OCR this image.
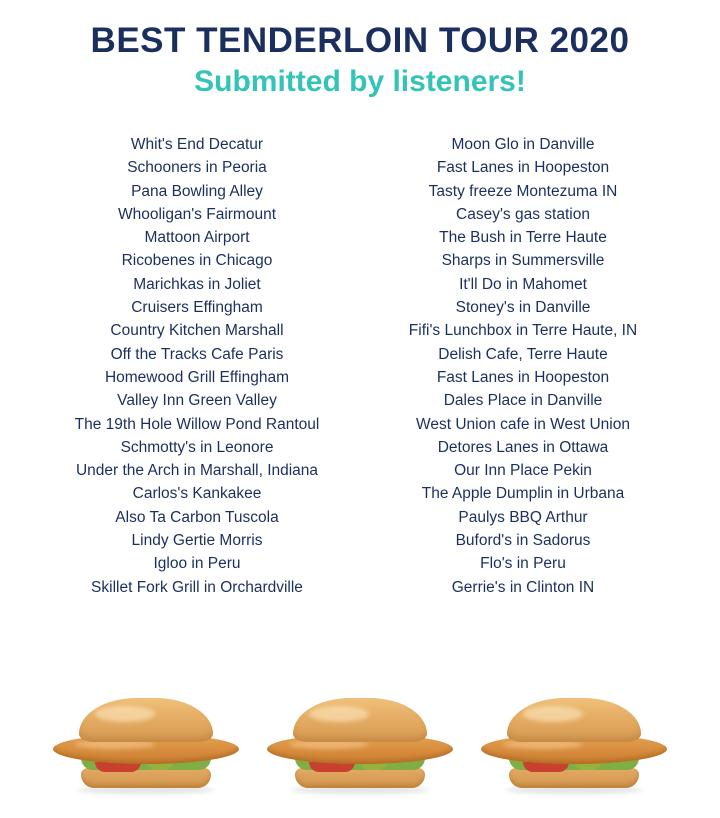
BEST TENDERLOIN TOUR 2020
Submitted by listeners!
Whit's End Decatur
Schooners in Peoria
Pana Bowling Alley
Whooligan's Fairmount
Mattoon Airport
Ricobenes in Chicago
Marichkas in Joliet
Cruisers Effingham
Country Kitchen Marshall
Off the Tracks Cafe Paris
Homewood Grill Effingham
Valley Inn Green Valley
The 19th Hole Willow Pond Rantoul
Schmotty's in Leonore
Under the Arch in Marshall, Indiana
Carlos's Kankakee
Also Ta Carbon Tuscola
Lindy Gertie Morris
Igloo in Peru
Skillet Fork Grill in Orchardville
Moon Glo in Danville
Fast Lanes in Hoopeston
Tasty freeze Montezuma IN
Casey's gas station
The Bush in Terre Haute
Sharps in Summersville
It'll Do in Mahomet
Stoney's in Danville
Fifi's Lunchbox in Terre Haute, IN
Delish Cafe, Terre Haute
Fast Lanes in Hoopeston
Dales Place in Danville
West Union cafe in West Union
Detores Lanes in Ottawa
Our Inn Place Pekin
The Apple Dumplin in Urbana
Paulys BBQ Arthur
Buford's in Sadorus
Flo's in Peru
Gerrie's in Clinton IN
